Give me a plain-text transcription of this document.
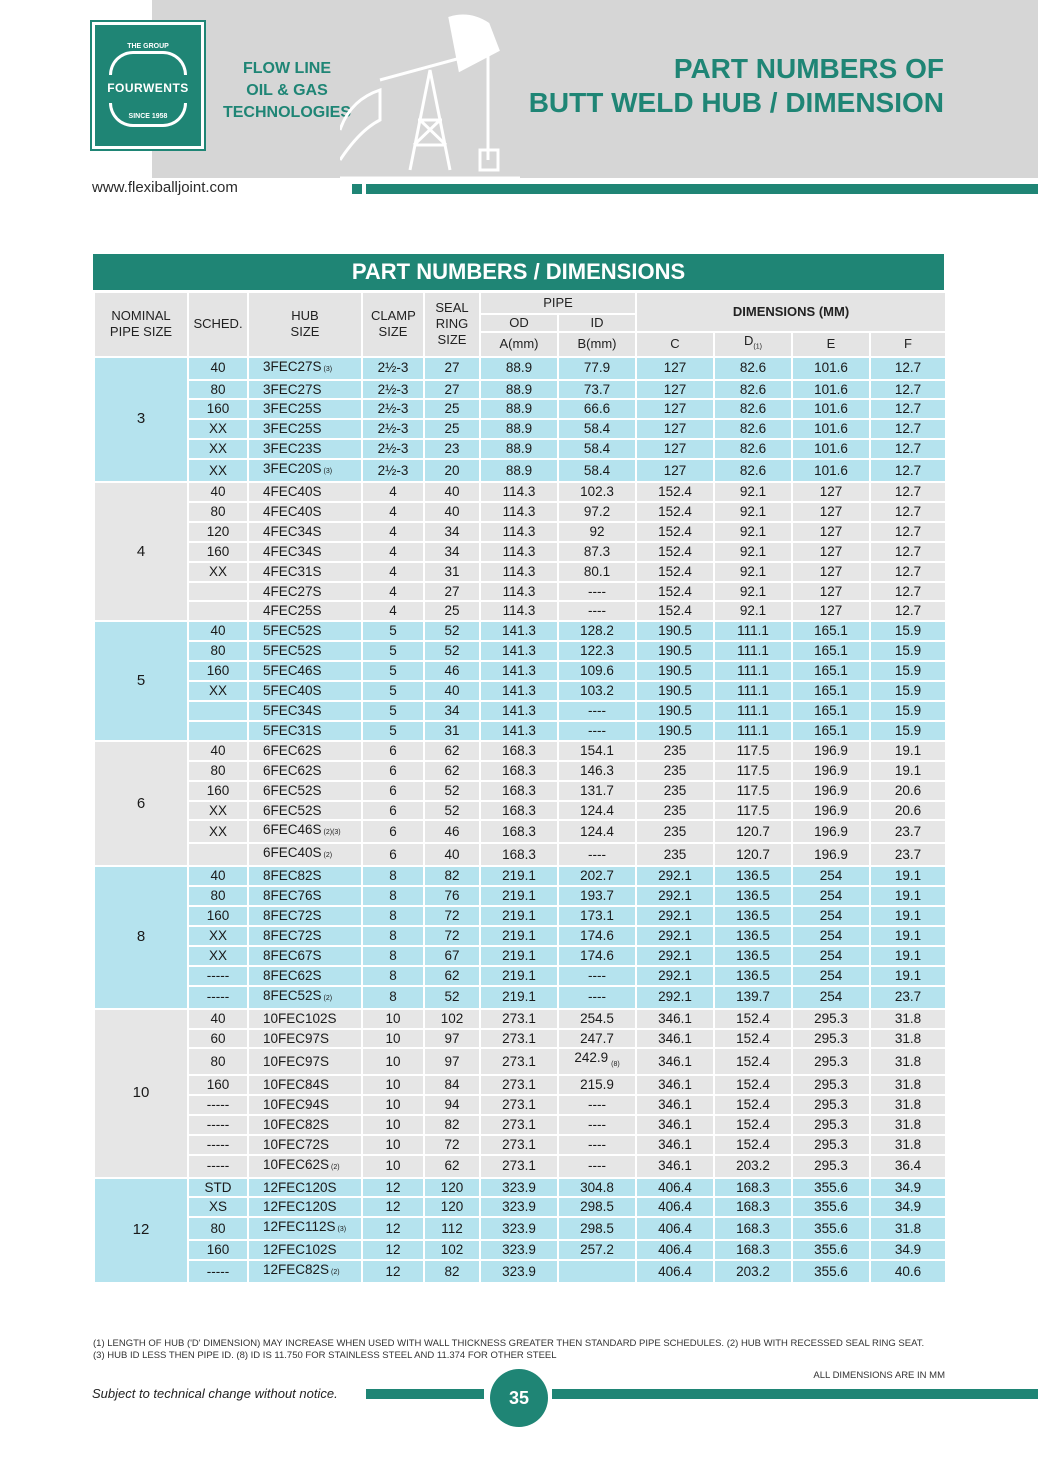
THE GROUP
FOURWENTS
SINCE 1958
FLOW LINE
OIL & GAS
TECHNOLOGIES
PART NUMBERS OF
BUTT WELD HUB / DIMENSION
www.flexiballjoint.com
PART NUMBERS / DIMENSIONS
NOMINAL PIPE SIZE	SCHED.	HUB SIZE	CLAMP SIZE	SEAL RING SIZE	PIPE		DIMENSIONS (MM)			
					OD	ID				
					A(mm)	B(mm)	C	$D_{(1)}$	E	F
3	40	3FEC27S (3)	2½-3	27	88.9	77.9	127	82.6	101.6	12.7
	80	3FEC27S	2½-3	27	88.9	73.7	127	82.6	101.6	12.7
	160	3FEC25S	2½-3	25	88.9	66.6	127	82.6	101.6	12.7
	XX	3FEC25S	2½-3	25	88.9	58.4	127	82.6	101.6	12.7
	XX	3FEC23S	2½-3	23	88.9	58.4	127	82.6	101.6	12.7
	XX	3FEC20S (3)	2½-3	20	88.9	58.4	127	82.6	101.6	12.7
4	40	4FEC40S	4	40	114.3	102.3	152.4	92.1	127	12.7
	80	4FEC40S	4	40	114.3	97.2	152.4	92.1	127	12.7
	120	4FEC34S	4	34	114.3	92	152.4	92.1	127	12.7
	160	4FEC34S	4	34	114.3	87.3	152.4	92.1	127	12.7
	XX	4FEC31S	4	31	114.3	80.1	152.4	92.1	127	12.7
		4FEC27S	4	27	114.3	----	152.4	92.1	127	12.7
		4FEC25S	4	25	114.3	----	152.4	92.1	127	12.7
5	40	5FEC52S	5	52	141.3	128.2	190.5	111.1	165.1	15.9
	80	5FEC52S	5	52	141.3	122.3	190.5	111.1	165.1	15.9
	160	5FEC46S	5	46	141.3	109.6	190.5	111.1	165.1	15.9
	XX	5FEC40S	5	40	141.3	103.2	190.5	111.1	165.1	15.9
		5FEC34S	5	34	141.3	----	190.5	111.1	165.1	15.9
		5FEC31S	5	31	141.3	----	190.5	111.1	165.1	15.9
6	40	6FEC62S	6	62	168.3	154.1	235	117.5	196.9	19.1
	80	6FEC62S	6	62	168.3	146.3	235	117.5	196.9	19.1
	160	6FEC52S	6	52	168.3	131.7	235	117.5	196.9	20.6
	XX	6FEC52S	6	52	168.3	124.4	235	117.5	196.9	20.6
	XX	6FEC46S (2)(3)	6	46	168.3	124.4	235	120.7	196.9	23.7
		6FEC40S (2)	6	40	168.3	----	235	120.7	196.9	23.7
8	40	8FEC82S	8	82	219.1	202.7	292.1	136.5	254	19.1
	80	8FEC76S	8	76	219.1	193.7	292.1	136.5	254	19.1
	160	8FEC72S	8	72	219.1	173.1	292.1	136.5	254	19.1
	XX	8FEC72S	8	72	219.1	174.6	292.1	136.5	254	19.1
	XX	8FEC67S	8	67	219.1	174.6	292.1	136.5	254	19.1
	-----	8FEC62S	8	62	219.1	----	292.1	136.5	254	19.1
	-----	8FEC52S (2)	8	52	219.1	----	292.1	139.7	254	23.7
10	40	10FEC102S	10	102	273.1	254.5	346.1	152.4	295.3	31.8
	60	10FEC97S	10	97	273.1	247.7	346.1	152.4	295.3	31.8
	80	10FEC97S	10	97	273.1	242.9 $_{(8)}$	346.1	152.4	295.3	31.8
	160	10FEC84S	10	84	273.1	215.9	346.1	152.4	295.3	31.8
	-----	10FEC94S	10	94	273.1	----	346.1	152.4	295.3	31.8
	-----	10FEC82S	10	82	273.1	----	346.1	152.4	295.3	31.8
	-----	10FEC72S	10	72	273.1	----	346.1	152.4	295.3	31.8
	-----	10FEC62S (2)	10	62	273.1	----	346.1	203.2	295.3	36.4
12	STD	12FEC120S	12	120	323.9	304.8	406.4	168.3	355.6	34.9
	XS	12FEC120S	12	120	323.9	298.5	406.4	168.3	355.6	34.9
	80	12FEC112S (3)	12	112	323.9	298.5	406.4	168.3	355.6	31.8
	160	12FEC102S	12	102	323.9	257.2	406.4	168.3	355.6	34.9
	-----	12FEC82S (2)	12	82	323.9		406.4	203.2	355.6	40.6
(1) LENGTH OF HUB ('D' DIMENSION) MAY INCREASE WHEN USED WITH WALL THICKNESS GREATER THEN STANDARD PIPE SCHEDULES. (2) HUB WITH RECESSED SEAL RING SEAT.
(3) HUB ID LESS THEN PIPE ID. (8) ID IS 11.750 FOR STAINLESS STEEL AND 11.374 FOR OTHER STEEL
ALL DIMENSIONS ARE IN MM
Subject to technical change without notice.	35
